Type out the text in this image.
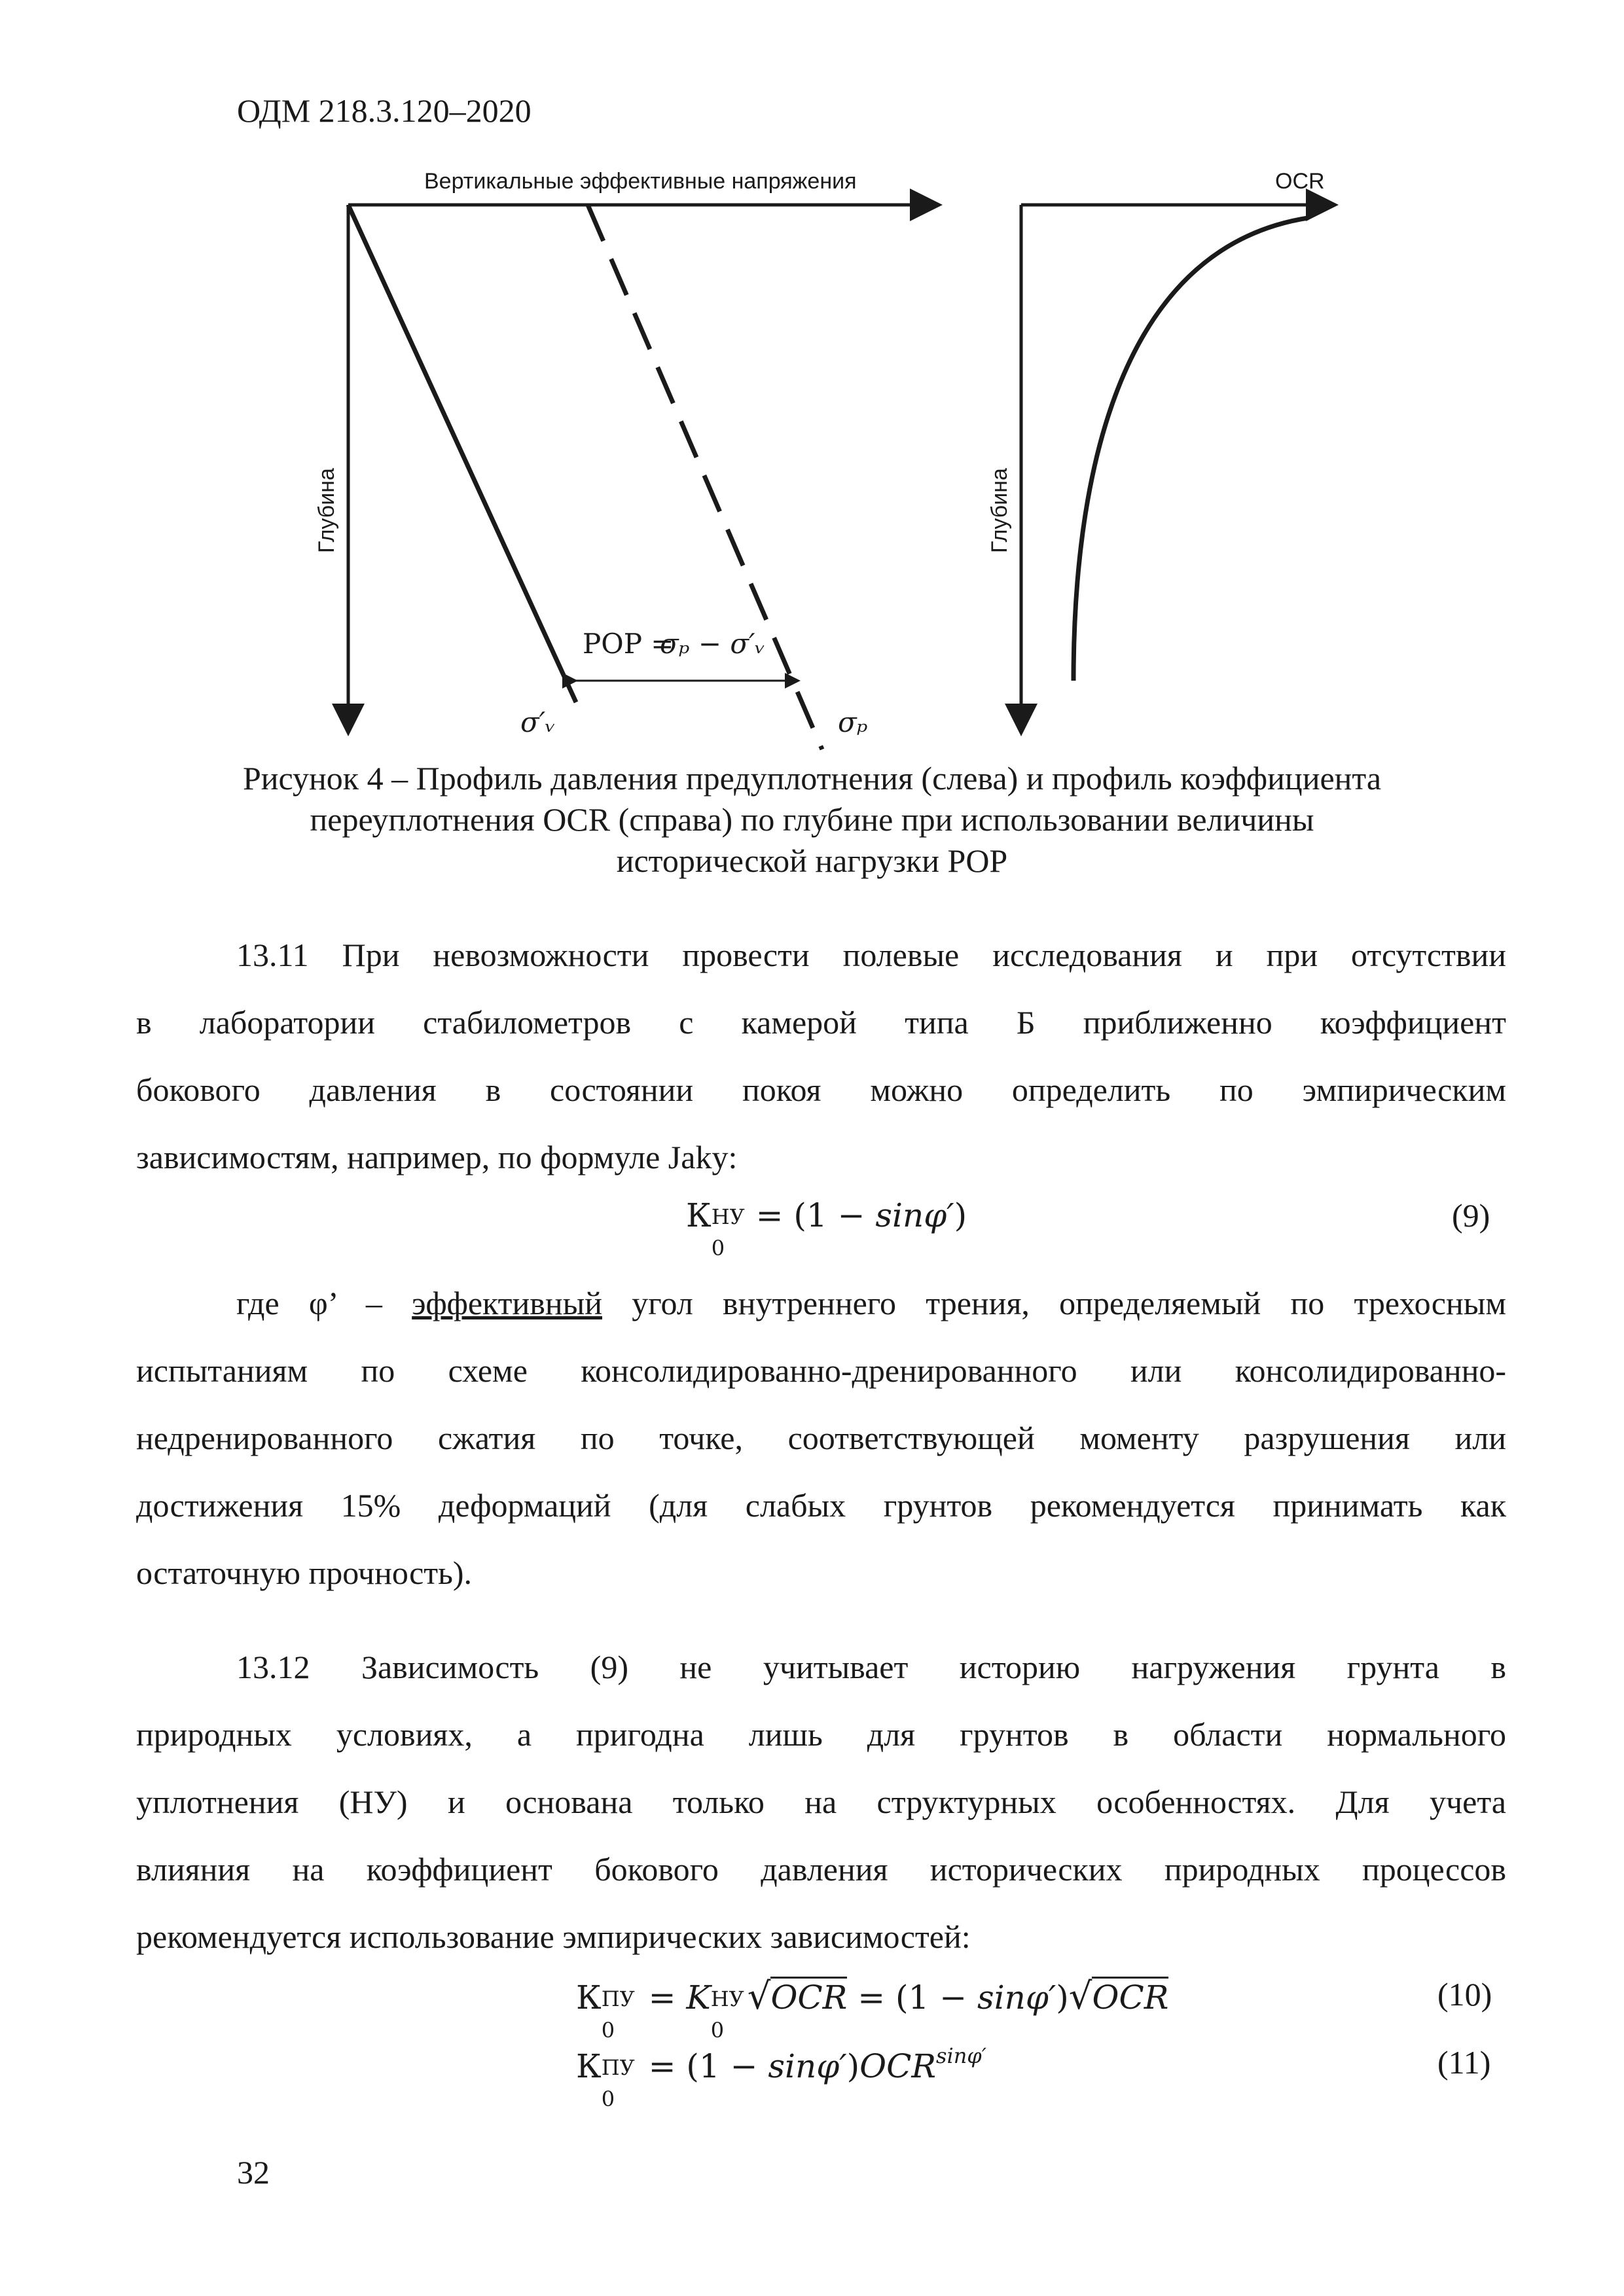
ОДМ 218.3.120–2020
Вертикальные эффективные напряжения
Глубина
POP =
σₚ − σ′ᵥ
σ′ᵥ	σₚ
OCR
Глубина
Рисунок 4 – Профиль давления предуплотнения (слева) и профиль коэффициента
переуплотнения OCR (справа) по глубине при использовании величины
исторической нагрузки POP
13.11 При невозможности провести полевые исследования и при отсутствии
в лаборатории стабилометров с камерой типа Б приближенно коэффициент
бокового давления в состоянии покоя можно определить по эмпирическим
зависимостям, например, по формуле Jaky:
К НУ
0
= (1 − sinφ′)	(9)
где φ’ – эффективный угол внутреннего трения, определяемый по трехосным
испытаниям по схеме консолидированно-дренированного или консолидированно-
недренированного сжатия по точке, соответствующей моменту разрушения или
достижения 15% деформаций (для слабых грунтов рекомендуется принимать как
остаточную прочность).
13.12 Зависимость (9) не учитывает историю нагружения грунта в
природных условиях, а пригодна лишь для грунтов в области нормального
уплотнения (НУ) и основана только на структурных особенностях. Для учета
влияния на коэффициент бокового давления исторических природных процессов
рекомендуется использование эмпирических зависимостей:
К ПУ
0
= K НУ
0
√OCR = (1 − sinφ′)√OCR	(10)
К ПУ
0
= $(1 - \sin\varphi')OCR^{sin\varphi'}$	(11)
32
